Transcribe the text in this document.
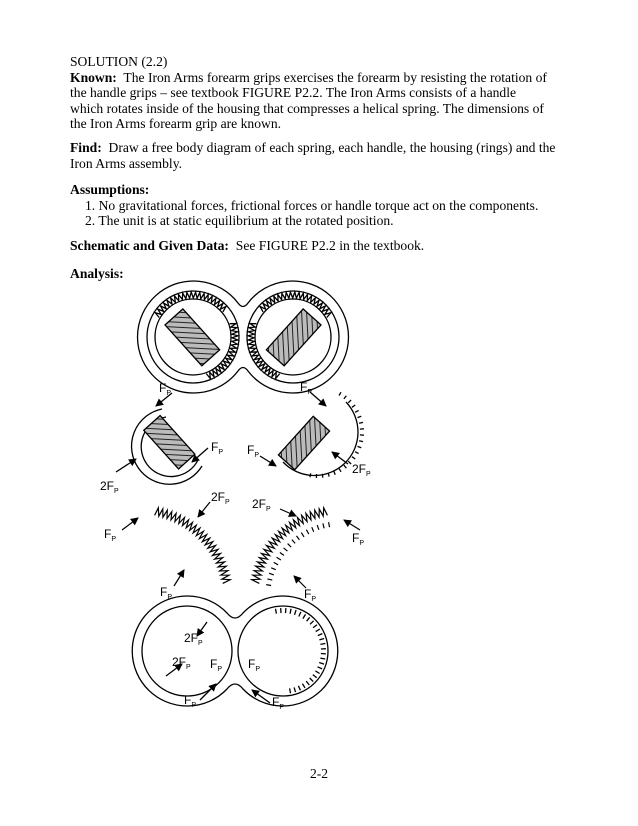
SOLUTION (2.2)
Known: The Iron Arms forearm grips exercises the forearm by resisting the rotation of
the handle grips – see textbook FIGURE P2.2. The Iron Arms consists of a handle
which rotates inside of the housing that compresses a helical spring. The dimensions of
the Iron Arms forearm grip are known.
Find: Draw a free body diagram of each spring, each handle, the housing (rings) and the
Iron Arms assembly.
Assumptions:
1. No gravitational forces, frictional forces or handle torque act on the components.
2. The unit is at static equilibrium at the rotated position.
Schematic and Given Data: See FIGURE P2.2 in the textbook.
Analysis:
$F_P$
$F_P$
$2F_P$
$F_P$
$F_P$
$2F_P$
$F_P$
$2F_P$
$F_P$
$2F_P$
$F_P$
$F_P$
$2F_P$
$2F_P$ $F_P$ $F_P$
$F_P$	$F_P$
2-2
